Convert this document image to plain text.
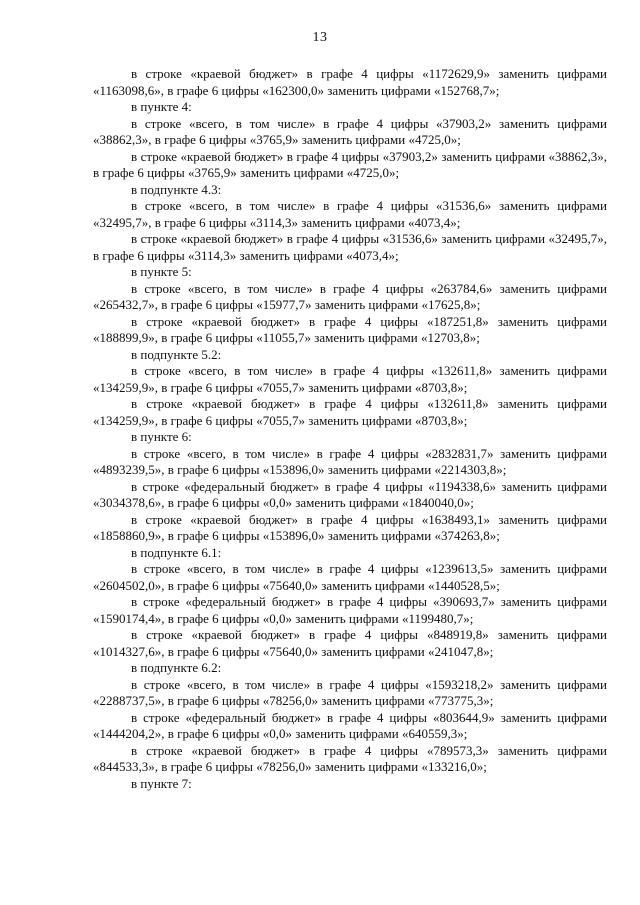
13

в строке «краевой бюджет» в графе 4 цифры «1172629,9» заменить цифрами «1163098,6», в графе 6 цифры «162300,0» заменить цифрами «152768,7»;

в пункте 4:

в строке «всего, в том числе» в графе 4 цифры «37903,2» заменить цифрами «38862,3», в графе 6 цифры «3765,9» заменить цифрами «4725,0»;

в строке «краевой бюджет» в графе 4 цифры «37903,2» заменить цифрами «38862,3», в графе 6 цифры «3765,9» заменить цифрами «4725,0»;

в подпункте 4.3:

в строке «всего, в том числе» в графе 4 цифры «31536,6» заменить цифрами «32495,7», в графе 6 цифры «3114,3» заменить цифрами «4073,4»;

в строке «краевой бюджет» в графе 4 цифры «31536,6» заменить цифрами «32495,7», в графе 6 цифры «3114,3» заменить цифрами «4073,4»;

в пункте 5:

в строке «всего, в том числе» в графе 4 цифры «263784,6» заменить цифрами «265432,7», в графе 6 цифры «15977,7» заменить цифрами «17625,8»;

в строке «краевой бюджет» в графе 4 цифры «187251,8» заменить цифрами «188899,9», в графе 6 цифры «11055,7» заменить цифрами «12703,8»;

в подпункте 5.2:

в строке «всего, в том числе» в графе 4 цифры «132611,8» заменить цифрами «134259,9», в графе 6 цифры «7055,7» заменить цифрами «8703,8»;

в строке «краевой бюджет» в графе 4 цифры «132611,8» заменить цифрами «134259,9», в графе 6 цифры «7055,7» заменить цифрами «8703,8»;

в пункте 6:

в строке «всего, в том числе» в графе 4 цифры «2832831,7» заменить цифрами «4893239,5», в графе 6 цифры «153896,0» заменить цифрами «2214303,8»;

в строке «федеральный бюджет» в графе 4 цифры «1194338,6» заменить цифрами «3034378,6», в графе 6 цифры «0,0» заменить цифрами «1840040,0»;

в строке «краевой бюджет» в графе 4 цифры «1638493,1» заменить цифрами «1858860,9», в графе 6 цифры «153896,0» заменить цифрами «374263,8»;

в подпункте 6.1:

в строке «всего, в том числе» в графе 4 цифры «1239613,5» заменить цифрами «2604502,0», в графе 6 цифры «75640,0» заменить цифрами «1440528,5»;

в строке «федеральный бюджет» в графе 4 цифры «390693,7» заменить цифрами «1590174,4», в графе 6 цифры «0,0» заменить цифрами «1199480,7»;

в строке «краевой бюджет» в графе 4 цифры «848919,8» заменить цифрами «1014327,6», в графе 6 цифры «75640,0» заменить цифрами «241047,8»;

в подпункте 6.2:

в строке «всего, в том числе» в графе 4 цифры «1593218,2» заменить цифрами «2288737,5», в графе 6 цифры «78256,0» заменить цифрами «773775,3»;

в строке «федеральный бюджет» в графе 4 цифры «803644,9» заменить цифрами «1444204,2», в графе 6 цифры «0,0» заменить цифрами «640559,3»;

в строке «краевой бюджет» в графе 4 цифры «789573,3» заменить цифрами «844533,3», в графе 6 цифры «78256,0» заменить цифрами «133216,0»;

в пункте 7:
